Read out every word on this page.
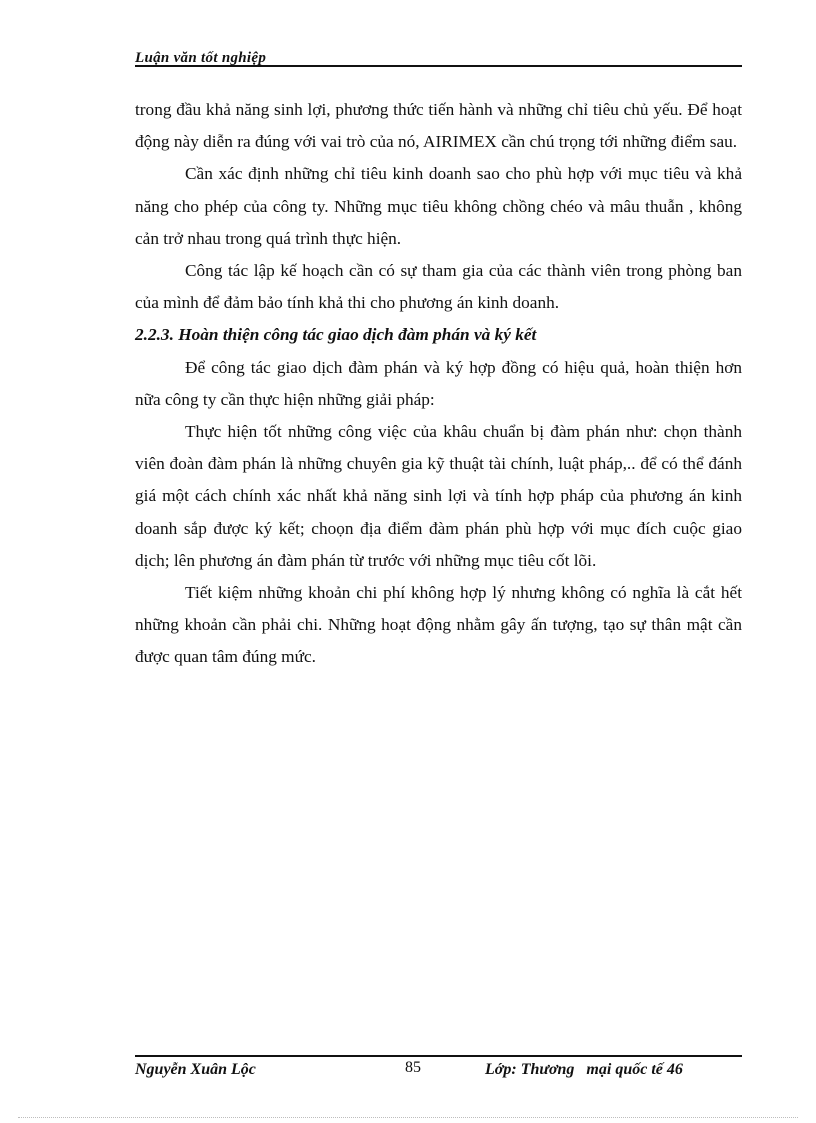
Luận văn tốt nghiệp

trong đầu khả năng sinh lợi, phương thức tiến hành và những chỉ tiêu chủ yếu. Để hoạt động này diễn ra đúng với vai trò của nó, AIRIMEX cần chú trọng tới những điểm sau.

Cần xác định những chỉ tiêu kinh doanh sao cho phù hợp với mục tiêu và khả năng cho phép của công ty. Những mục tiêu không chồng chéo và mâu thuẫn , không cản trở nhau trong quá trình thực hiện.

Công tác lập kế hoạch cần có sự tham gia của các thành viên trong phòng ban của mình để đảm bảo tính khả thi cho phương án kinh doanh.

2.2.3. Hoàn thiện công tác giao dịch đàm phán và ký kết

Để công tác giao dịch đàm phán và ký hợp đồng có hiệu quả, hoàn thiện hơn nữa công ty cần thực hiện những giải pháp:

Thực hiện tốt những công việc của khâu chuẩn bị đàm phán như: chọn thành viên đoàn đàm phán là những chuyên gia kỹ thuật tài chính, luật pháp,.. để có thể đánh giá một cách chính xác nhất khả năng sinh lợi và tính hợp pháp của phương án kinh doanh sắp được ký kết; choọn địa điểm đàm phán phù hợp với mục đích cuộc giao dịch; lên phương án đàm phán từ trước với những mục tiêu cốt lõi.

Tiết kiệm những khoản chi phí không hợp lý nhưng không có nghĩa là cắt hết những khoản cần phải chi. Những hoạt động nhằm gây ấn tượng, tạo sự thân mật cần được quan tâm đúng mức.

Nguyễn Xuân Lộc	85	Lớp: Thương   mại quốc tế 46
